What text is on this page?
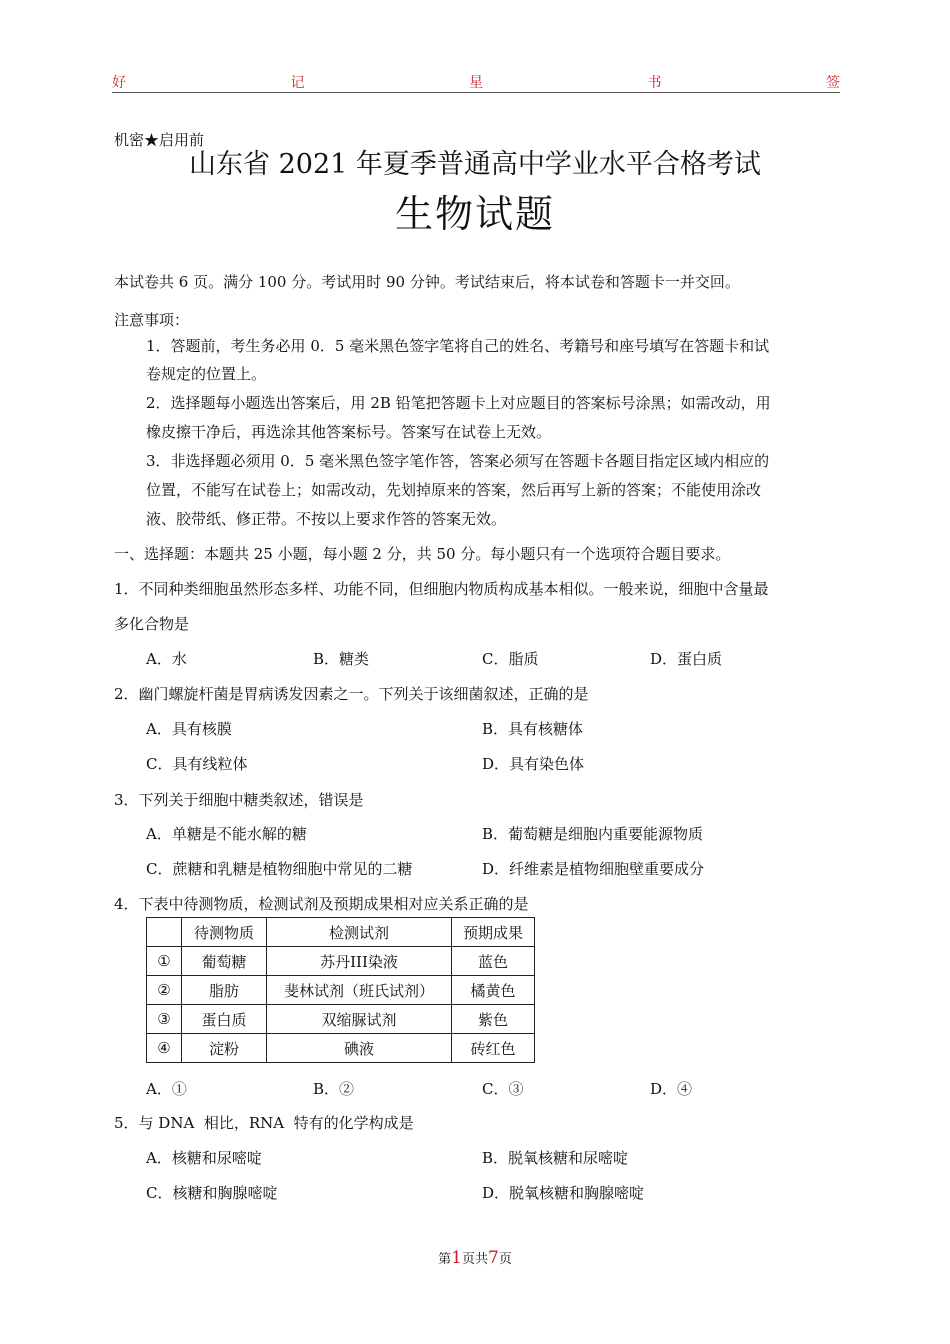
好	记	星	书	签
机密★启用前
山东省 2021 年夏季普通高中学业水平合格考试
生物试题
本试卷共 6 页。满分 100 分。考试用时 90 分钟。考试结束后，将本试卷和答题卡一并交回。
注意事项：
1．答题前，考生务必用 0．5 毫米黑色签字笔将自己的姓名、考籍号和座号填写在答题卡和试
卷规定的位置上。
2．选择题每小题选出答案后，用 2B 铅笔把答题卡上对应题目的答案标号涂黑；如需改动，用
橡皮擦干净后，再选涂其他答案标号。答案写在试卷上无效。
3．非选择题必须用 0．5 毫米黑色签字笔作答，答案必须写在答题卡各题目指定区域内相应的
位置，不能写在试卷上；如需改动，先划掉原来的答案，然后再写上新的答案；不能使用涂改
液、胶带纸、修正带。不按以上要求作答的答案无效。
一、选择题：本题共 25 小题，每小题 2 分，共 50 分。每小题只有一个选项符合题目要求。
1．不同种类细胞虽然形态多样、功能不同，但细胞内物质构成基本相似。一般来说，细胞中含量最
多化合物是
A．水	B．糖类	C．脂质	D．蛋白质
2．幽门螺旋杆菌是胃病诱发因素之一。下列关于该细菌叙述，正确的是
A．具有核膜	B．具有核糖体
C．具有线粒体	D．具有染色体
3．下列关于细胞中糖类叙述，错误是
A．单糖是不能水解的糖	B．葡萄糖是细胞内重要能源物质
C．蔗糖和乳糖是植物细胞中常见的二糖	D．纤维素是植物细胞壁重要成分
4．下表中待测物质，检测试剂及预期成果相对应关系正确的是
	待测物质	检测试剂	预期成果
①	葡萄糖	苏丹III染液	蓝色
②	脂肪	斐林试剂（班氏试剂）	橘黄色
③	蛋白质	双缩脲试剂	紫色
④	淀粉	碘液	砖红色
A．①	B．②	C．③	D．④
5．与 DNA  相比，RNA  特有的化学构成是
A．核糖和尿嘧啶	B．脱氧核糖和尿嘧啶
C．核糖和胸腺嘧啶	D．脱氧核糖和胸腺嘧啶
第1页共7页
